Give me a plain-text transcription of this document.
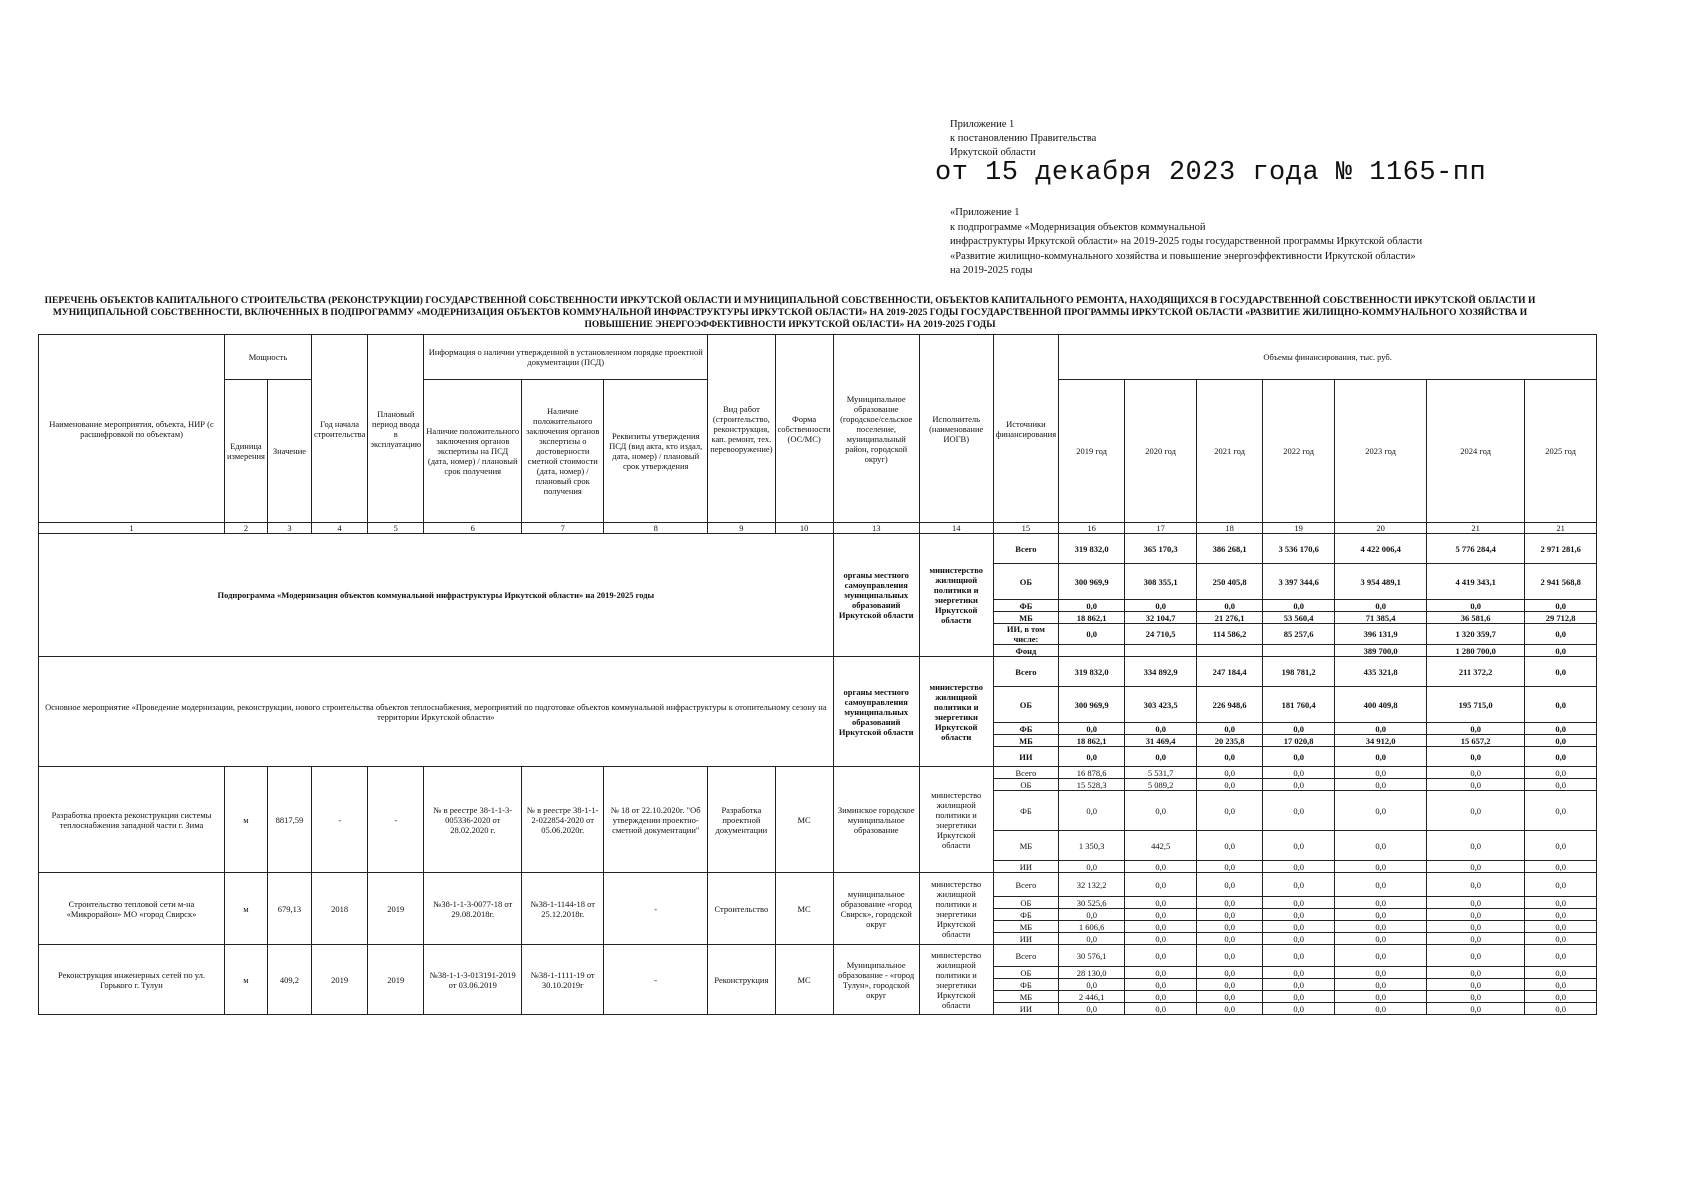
Приложение 1
к постановлению Правительства
Иркутской области
от 15 декабря 2023 года № 1165-пп
«Приложение 1
к подпрограмме «Модернизация объектов коммунальной
инфраструктуры Иркутской области» на 2019-2025 годы государственной программы Иркутской области
«Развитие жилищно-коммунального хозяйства и повышение энергоэффективности Иркутской области»
на 2019-2025 годы
ПЕРЕЧЕНЬ ОБЪЕКТОВ КАПИТАЛЬНОГО СТРОИТЕЛЬСТВА (РЕКОНСТРУКЦИИ) ГОСУДАРСТВЕННОЙ СОБСТВЕННОСТИ ИРКУТСКОЙ ОБЛАСТИ И МУНИЦИПАЛЬНОЙ СОБСТВЕННОСТИ, ОБЪЕКТОВ КАПИТАЛЬНОГО РЕМОНТА, НАХОДЯЩИХСЯ В ГОСУДАРСТВЕННОЙ СОБСТВЕННОСТИ ИРКУТСКОЙ ОБЛАСТИ И МУНИЦИПАЛЬНОЙ СОБСТВЕННОСТИ, ВКЛЮЧЕННЫХ В ПОДПРОГРАММУ «МОДЕРНИЗАЦИЯ ОБЪЕКТОВ КОММУНАЛЬНОЙ ИНФРАСТРУКТУРЫ ИРКУТСКОЙ ОБЛАСТИ» НА 2019-2025 ГОДЫ ГОСУДАРСТВЕННОЙ ПРОГРАММЫ ИРКУТСКОЙ ОБЛАСТИ «РАЗВИТИЕ ЖИЛИЩНО-КОММУНАЛЬНОГО ХОЗЯЙСТВА И ПОВЫШЕНИЕ ЭНЕРГОЭФФЕКТИВНОСТИ ИРКУТСКОЙ ОБЛАСТИ» НА 2019-2025 ГОДЫ
Наименование мероприятия, объекта, НИР (с расшифровкой по объектам)	Мощность		Год начала строительства	Плановый период ввода в эксплуатацию	Информация о наличии утвержденной в установленном порядке проектной документации (ПСД)			Вид работ (строительство, реконструкция, кап. ремонт, тех. перевооружение)	Форма собственности (ОС/МС)	Муниципальное образование (городское/сельское поселение, муниципальный район, городской округ)	Исполнитель (наименование ИОГВ)	Источники финансирования	Объемы финансирования, тыс. руб.						
	Единица измерения	Значение			Наличие положительного заключения органов экспертизы на ПСД (дата, номер) / плановый срок получения	Наличие положительного заключения органов экспертизы о достоверности сметной стоимости (дата, номер) / плановый срок получения	Реквизиты утверждения ПСД (вид акта, кто издал, дата, номер) / плановый срок утверждения						2019 год	2020 год	2021 год	2022 год	2023 год	2024 год	2025 год
1	2	3	4	5	6	7	8	9	10	13	14	15	16	17	18	19	20	21	21
Подпрограмма «Модернизация объектов коммунальной инфраструктуры Иркутской области» на 2019-2025 годы										органы местного самоуправления муниципальных образований Иркутской области	министерство жилищной политики и энергетики Иркутской области	Всего	319 832,0	365 170,3	386 268,1	3 536 170,6	4 422 006,4	5 776 284,4	2 971 281,6
												ОБ	300 969,9	308 355,1	250 405,8	3 397 344,6	3 954 489,1	4 419 343,1	2 941 568,8
												ФБ	0,0	0,0	0,0	0,0	0,0	0,0	0,0
												МБ	18 862,1	32 104,7	21 276,1	53 560,4	71 385,4	36 581,6	29 712,8
												ИИ, в том числе:	0,0	24 710,5	114 586,2	85 257,6	396 131,9	1 320 359,7	0,0
												Фонд					389 700,0	1 280 700,0	0,0
Основное мероприятие «Проведение модернизации, реконструкции, нового строительства объектов теплоснабжения, мероприятий по подготовке объектов коммунальной инфраструктуры к отопительному сезону на территории Иркутской области»										органы местного самоуправления муниципальных образований Иркутской области	министерство жилищной политики и энергетики Иркутской области	Всего	319 832,0	334 892,9	247 184,4	198 781,2	435 321,8	211 372,2	0,0
												ОБ	300 969,9	303 423,5	226 948,6	181 760,4	400 409,8	195 715,0	0,0
												ФБ	0,0	0,0	0,0	0,0	0,0	0,0	0,0
												МБ	18 862,1	31 469,4	20 235,8	17 020,8	34 912,0	15 657,2	0,0
												ИИ	0,0	0,0	0,0	0,0	0,0	0,0	0,0
Разработка проекта реконструкции системы теплоснабжения западной части г. Зима	м	8817,59	-	-	№ в реестре 38-1-1-3-005336-2020 от 28.02.2020 г.	№ в реестре 38-1-1-2-022854-2020 от 05.06.2020г.	№ 18 от 22.10.2020г. "Об утверждении проектно-сметной документации"	Разработка проектной документации	МС	Зиминское городское муниципальное образование	министерство жилищной политики и энергетики Иркутской области	Всего	16 878,6	5 531,7	0,0	0,0	0,0	0,0	0,0
												ОБ	15 528,3	5 089,2	0,0	0,0	0,0	0,0	0,0
												ФБ	0,0	0,0	0,0	0,0	0,0	0,0	0,0
												МБ	1 350,3	442,5	0,0	0,0	0,0	0,0	0,0
												ИИ	0,0	0,0	0,0	0,0	0,0	0,0	0,0
Строительство тепловой сети м-на «Микрорайон» МО «город Свирск»	м	679,13	2018	2019	№38-1-1-3-0077-18 от 29.08.2018г.	№38-1-1144-18 от 25.12.2018г.	-	Строительство	МС	муниципальное образование «город Свирск», городской округ	министерство жилищной политики и энергетики Иркутской области	Всего	32 132,2	0,0	0,0	0,0	0,0	0,0	0,0
												ОБ	30 525,6	0,0	0,0	0,0	0,0	0,0	0,0
												ФБ	0,0	0,0	0,0	0,0	0,0	0,0	0,0
												МБ	1 606,6	0,0	0,0	0,0	0,0	0,0	0,0
												ИИ	0,0	0,0	0,0	0,0	0,0	0,0	0,0
Реконструкция инженерных сетей по ул. Горького г. Тулун	м	409,2	2019	2019	№38-1-1-3-013191-2019 от 03.06.2019	№38-1-1111-19 от 30.10.2019г	-	Реконструкция	МС	Муниципальное образование - «город Тулун», городской округ	министерство жилищной политики и энергетики Иркутской области	Всего	30 576,1	0,0	0,0	0,0	0,0	0,0	0,0
												ОБ	28 130,0	0,0	0,0	0,0	0,0	0,0	0,0
												ФБ	0,0	0,0	0,0	0,0	0,0	0,0	0,0
												МБ	2 446,1	0,0	0,0	0,0	0,0	0,0	0,0
												ИИ	0,0	0,0	0,0	0,0	0,0	0,0	0,0
